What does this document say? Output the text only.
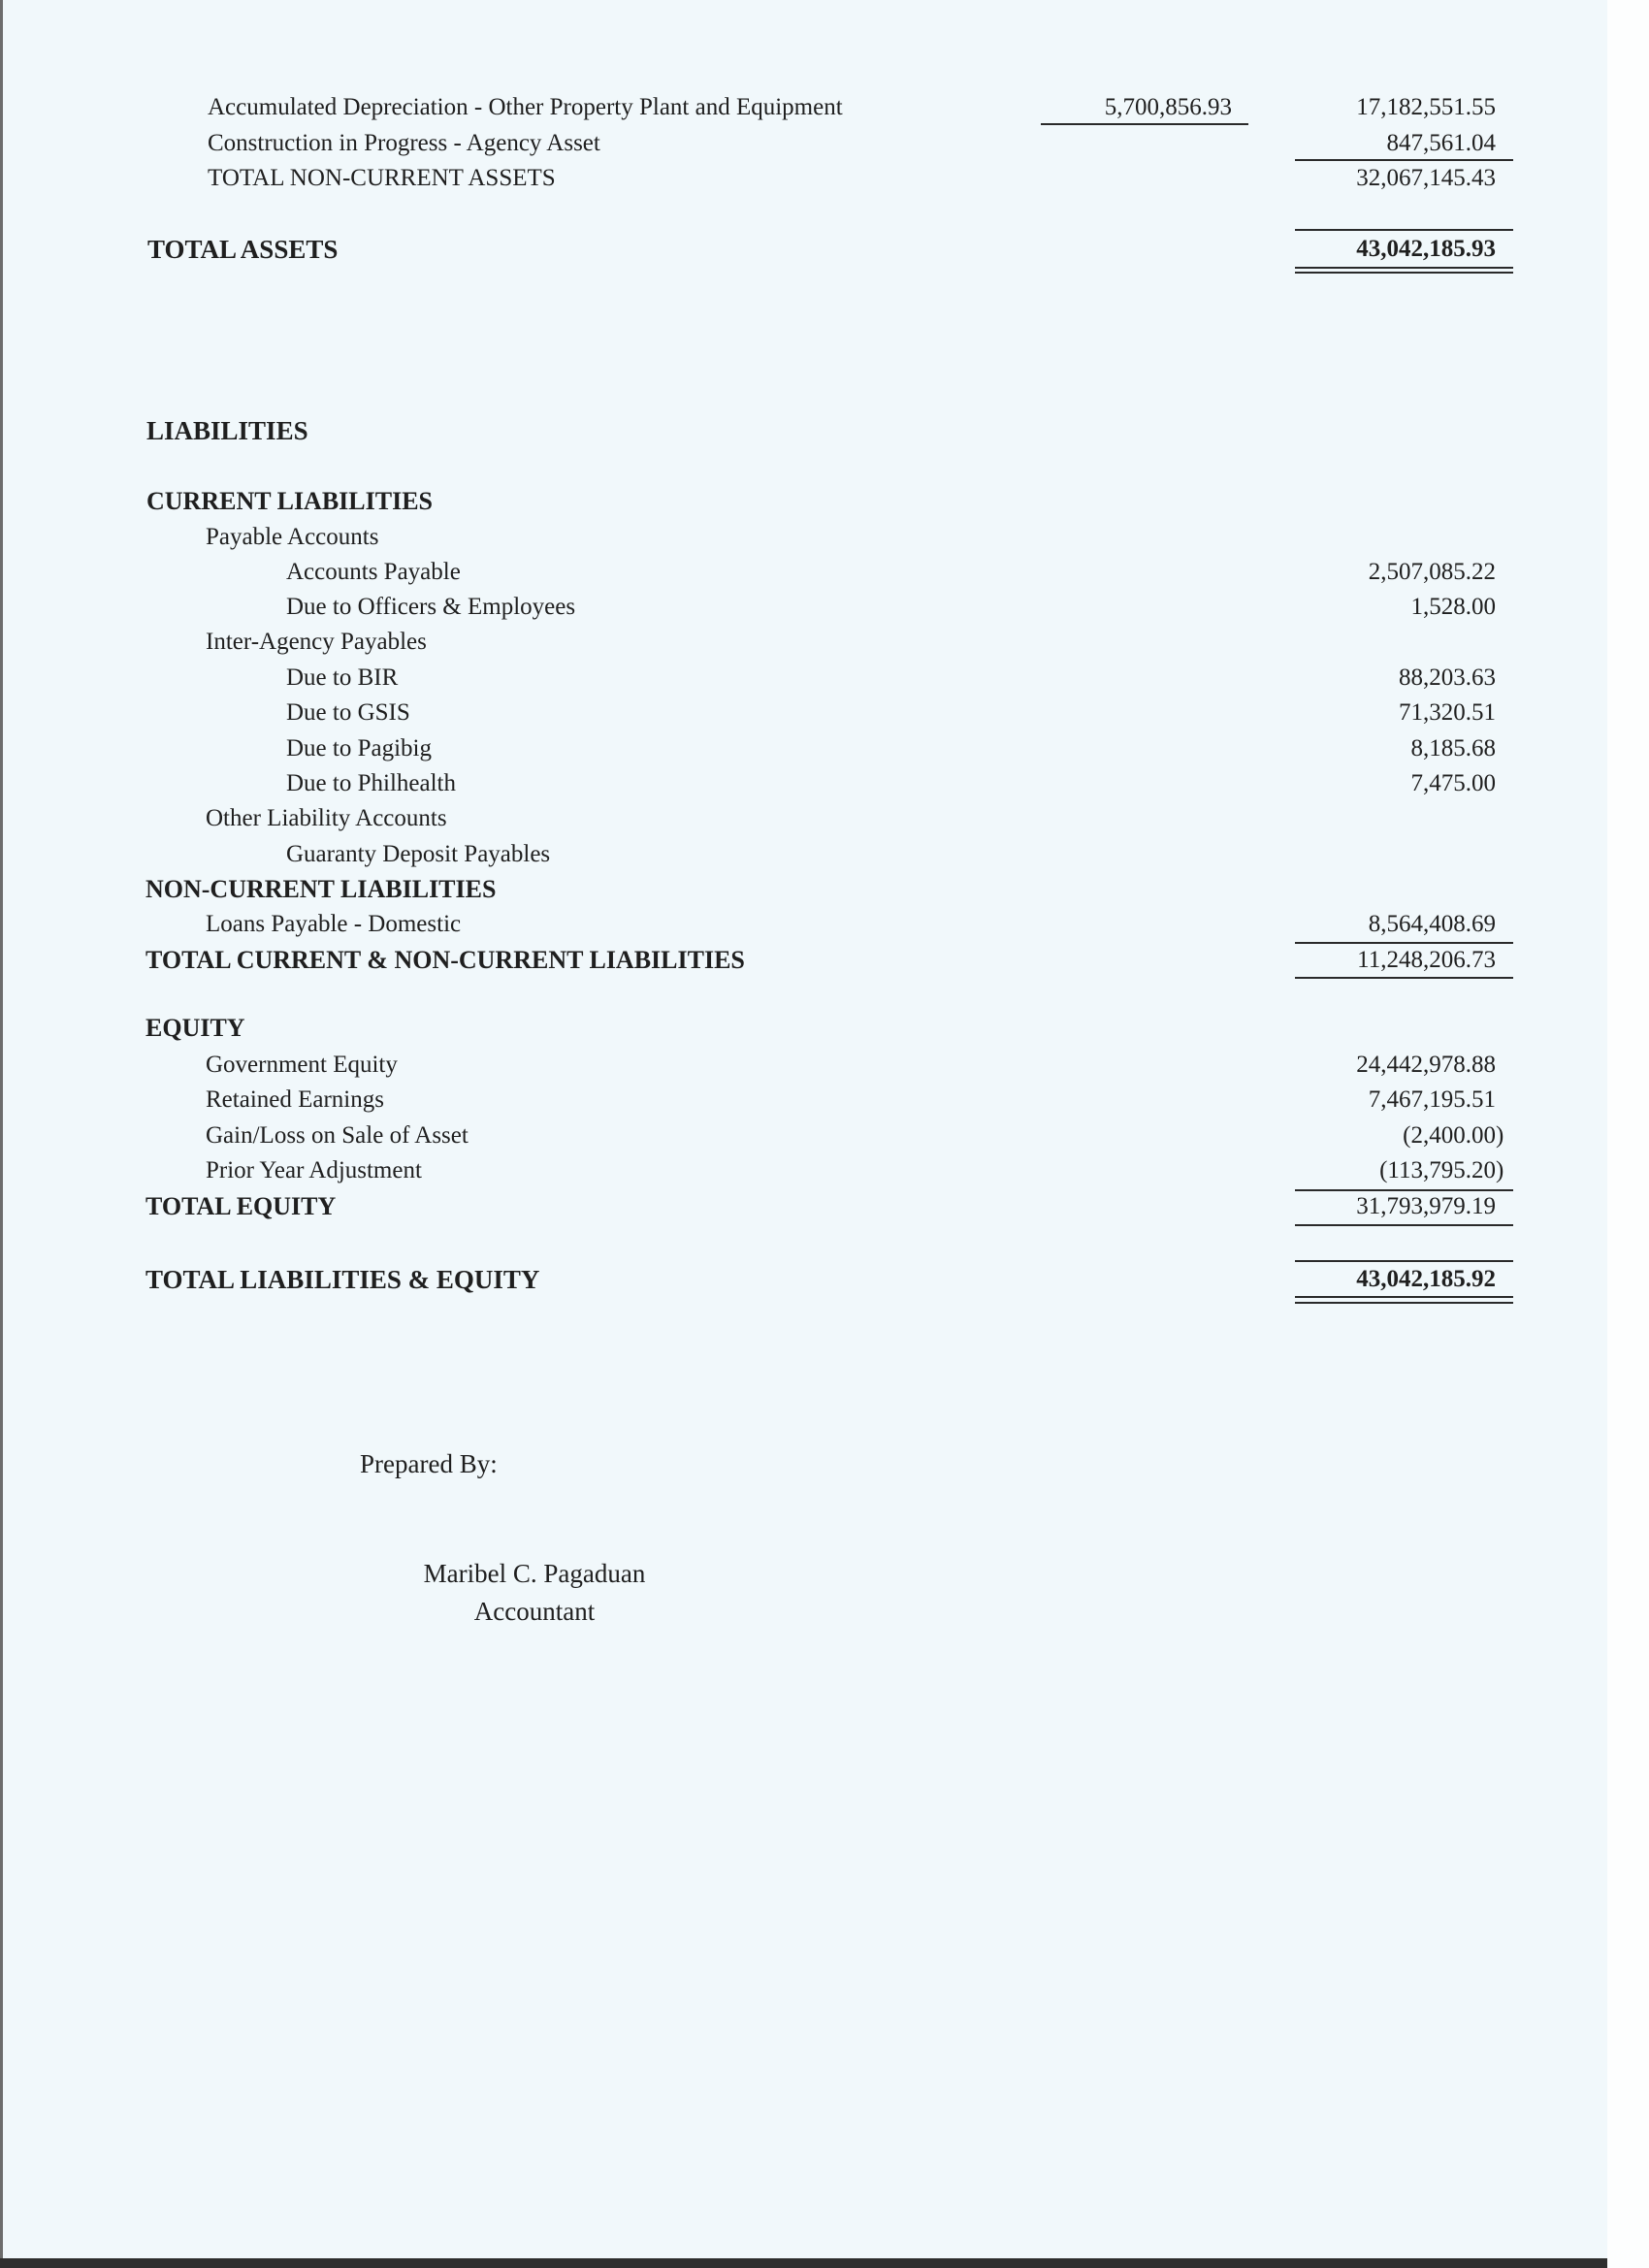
Accumulated Depreciation - Other Property Plant and Equipment	5,700,856.93	17,182,551.55
Construction in Progress - Agency Asset	847,561.04
TOTAL NON-CURRENT ASSETS	32,067,145.43
TOTAL ASSETS	43,042,185.93
LIABILITIES
CURRENT LIABILITIES
Payable Accounts
Accounts Payable	2,507,085.22
Due to Officers & Employees	1,528.00
Inter-Agency Payables
Due to BIR	88,203.63
Due to GSIS	71,320.51
Due to Pagibig	8,185.68
Due to Philhealth	7,475.00
Other Liability Accounts
Guaranty Deposit Payables
NON-CURRENT LIABILITIES
Loans Payable - Domestic	8,564,408.69
TOTAL CURRENT & NON-CURRENT LIABILITIES	11,248,206.73
EQUITY
Government Equity	24,442,978.88
Retained Earnings	7,467,195.51
Gain/Loss on Sale of Asset	(2,400.00
Prior Year Adjustment	(113,795.20
TOTAL EQUITY	31,793,979.19
TOTAL LIABILITIES & EQUITY	43,042,185.92
Prepared By:
Maribel C. Pagaduan
Accountant
